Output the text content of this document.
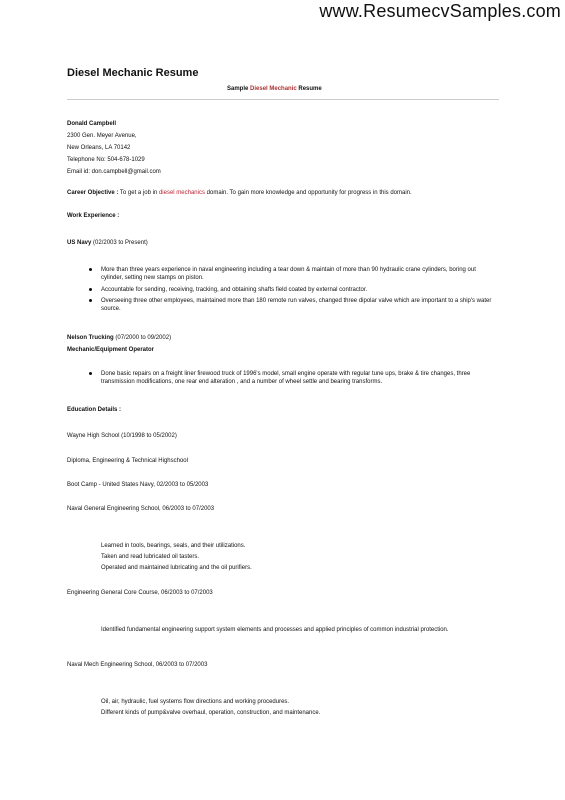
www.ResumecvSamples.com
Diesel Mechanic Resume
Sample Diesel Mechanic Resume
Donald Campbell
2300 Gen. Meyer Avenue,
New Orleans, LA 70142
Telephone No: 504-678-1029
Email id: don.campbell@gmail.com
Career Objective : To get a job in diesel mechanics domain. To gain more knowledge and opportunity for progress in this domain.
Work Experience :
US Navy (02/2003 to Present)
More than three years experience in naval engineering including a tear down & maintain of more than 90 hydraulic crane cylinders, boring out cylinder, setting new stamps on piston.
Accountable for sending, receiving, tracking, and obtaining shafts field coated by external contractor.
Overseeing three other employees, maintained more than 180 remote run valves, changed three dipolar valve which are important to a ship's water source.
Nelson Trucking (07/2000 to 09/2002)
Mechanic/Equipment Operator
Done basic repairs on a freight liner firewood truck of 1996's model, small engine operate with regular tune ups, brake & tire changes, three transmission modifications, one rear end alteration , and a number of wheel settle and bearing transforms.
Education Details :
Wayne High School (10/1998 to 05/2002)
Diploma, Engineering & Technical Highschool
Boot Camp - United States Navy, 02/2003 to 05/2003
Naval General Engineering School, 06/2003 to 07/2003
Learned in tools, bearings, seals, and their utilizations.
Taken and read lubricated oil tasters.
Operated and maintained lubricating and the oil purifiers.
Engineering General Core Course, 06/2003 to 07/2003
Identified fundamental engineering support system elements and processes and applied principles of common industrial protection.
Naval Mech Engineering School, 06/2003 to 07/2003
Oil, air, hydraulic, fuel systems flow directions and working procedures.
Different kinds of pump&valve overhaul, operation, construction, and maintenance.
